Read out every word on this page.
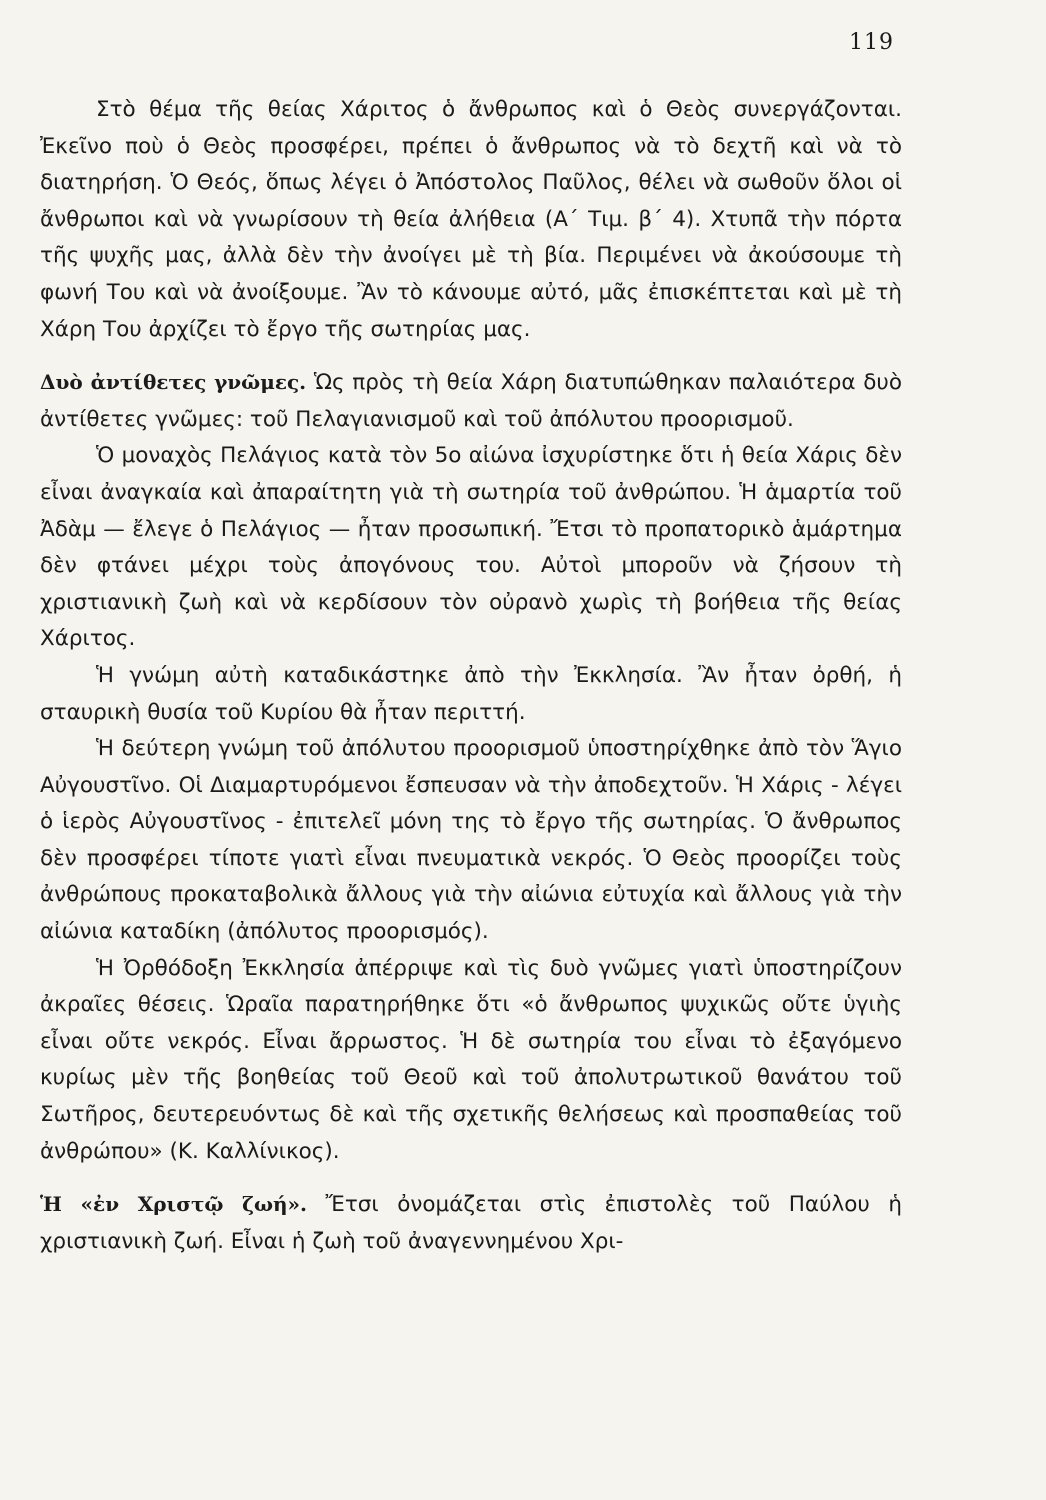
119

Στὸ θέμα τῆς θείας Χάριτος ὁ ἄνθρωπος καὶ ὁ Θεὸς συνεργάζονται. Ἐκεῖνο ποὺ ὁ Θεὸς προσφέρει, πρέπει ὁ ἄνθρωπος νὰ τὸ δεχτῆ καὶ νὰ τὸ διατηρήση. Ὁ Θεός, ὅπως λέγει ὁ Ἀπόστολος Παῦλος, θέλει νὰ σωθοῦν ὅλοι οἱ ἄνθρωποι καὶ νὰ γνωρίσουν τὴ θεία ἀλήθεια (Α΄ Τιμ. β΄ 4). Χτυπᾶ τὴν πόρτα τῆς ψυχῆς μας, ἀλλὰ δὲν τὴν ἀνοίγει μὲ τὴ βία. Περιμένει νὰ ἀκούσουμε τὴ φωνή Του καὶ νὰ ἀνοίξουμε. Ἂν τὸ κάνουμε αὐτό, μᾶς ἐπισκέπτεται καὶ μὲ τὴ Χάρη Του ἀρχίζει τὸ ἔργο τῆς σωτηρίας μας.

Δυὸ ἀντίθετες γνῶμες. Ὡς πρὸς τὴ θεία Χάρη διατυπώθηκαν παλαιότερα δυὸ ἀντίθετες γνῶμες: τοῦ Πελαγιανισμοῦ καὶ τοῦ ἀπόλυτου προορισμοῦ.

Ὁ μοναχὸς Πελάγιος κατὰ τὸν 5ο αἰώνα ἰσχυρίστηκε ὅτι ἡ θεία Χάρις δὲν εἶναι ἀναγκαία καὶ ἀπαραίτητη γιὰ τὴ σωτηρία τοῦ ἀνθρώπου. Ἡ ἁμαρτία τοῦ Ἀδὰμ — ἔλεγε ὁ Πελάγιος — ἦταν προσωπική. Ἔτσι τὸ προπατορικὸ ἁμάρτημα δὲν φτάνει μέχρι τοὺς ἀπογόνους του. Αὐτοὶ μποροῦν νὰ ζήσουν τὴ χριστιανικὴ ζωὴ καὶ νὰ κερδίσουν τὸν οὐρανὸ χωρὶς τὴ βοήθεια τῆς θείας Χάριτος.

Ἡ γνώμη αὐτὴ καταδικάστηκε ἀπὸ τὴν Ἐκκλησία. Ἂν ἦταν ὀρθή, ἡ σταυρικὴ θυσία τοῦ Κυρίου θὰ ἦταν περιττή.

Ἡ δεύτερη γνώμη τοῦ ἀπόλυτου προορισμοῦ ὑποστηρίχθηκε ἀπὸ τὸν Ἅγιο Αὐγουστῖνο. Οἱ Διαμαρτυρόμενοι ἔσπευσαν νὰ τὴν ἀποδεχτοῦν. Ἡ Χάρις - λέγει ὁ ἱερὸς Αὐγουστῖνος - ἐπιτελεῖ μόνη της τὸ ἔργο τῆς σωτηρίας. Ὁ ἄνθρωπος δὲν προσφέρει τίποτε γιατὶ εἶναι πνευματικὰ νεκρός. Ὁ Θεὸς προορίζει τοὺς ἀνθρώπους προκαταβολικὰ ἄλλους γιὰ τὴν αἰώνια εὐτυχία καὶ ἄλλους γιὰ τὴν αἰώνια καταδίκη (ἀπόλυτος προορισμός).

Ἡ Ὀρθόδοξη Ἐκκλησία ἀπέρριψε καὶ τὶς δυὸ γνῶμες γιατὶ ὑποστηρίζουν ἀκραῖες θέσεις. Ὡραῖα παρατηρήθηκε ὅτι «ὁ ἄνθρωπος ψυχικῶς οὔτε ὑγιὴς εἶναι οὔτε νεκρός. Εἶναι ἄρρωστος. Ἡ δὲ σωτηρία του εἶναι τὸ ἐξαγόμενο κυρίως μὲν τῆς βοηθείας τοῦ Θεοῦ καὶ τοῦ ἀπολυτρωτικοῦ θανάτου τοῦ Σωτῆρος, δευτερευόντως δὲ καὶ τῆς σχετικῆς θελήσεως καὶ προσπαθείας τοῦ ἀνθρώπου» (Κ. Καλλίνικος).

Ἡ «ἐν Χριστῷ ζωή». Ἔτσι ὀνομάζεται στὶς ἐπιστολὲς τοῦ Παύλου ἡ χριστιανικὴ ζωή. Εἶναι ἡ ζωὴ τοῦ ἀναγεννημένου Χρι-
